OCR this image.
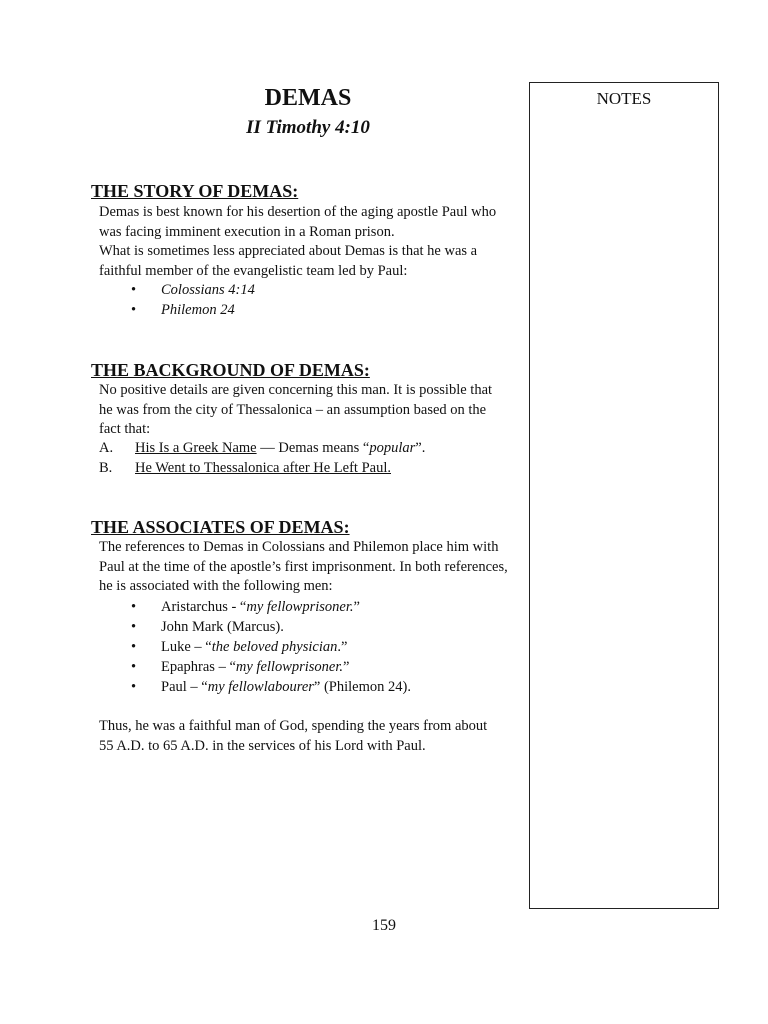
DEMAS
II Timothy 4:10
THE STORY OF DEMAS:

Demas is best known for his desertion of the aging apostle Paul who

was facing imminent execution in a Roman prison.

What is sometimes less appreciated about Demas is that he was a

faithful member of the evangelistic team led by Paul:

• Colossians 4:14
• Philemon 24
THE BACKGROUND OF DEMAS:

No positive details are given concerning this man. It is possible that

he was from the city of Thessalonica – an assumption based on the

fact that:

A.	His Is a Greek Name — Demas means “popular”.
B.	He Went to Thessalonica after He Left Paul.
THE ASSOCIATES OF DEMAS:

The references to Demas in Colossians and Philemon place him with

Paul at the time of the apostle’s first imprisonment. In both references,

he is associated with the following men:

• Aristarchus - “my fellowprisoner.”
• John Mark (Marcus).
• Luke – “the beloved physician.”
• Epaphras – “my fellowprisoner.”
• Paul – “my fellowlabourer” (Philemon 24).

Thus, he was a faithful man of God, spending the years from about

55 A.D. to 65 A.D. in the services of his Lord with Paul.

NOTES
159
